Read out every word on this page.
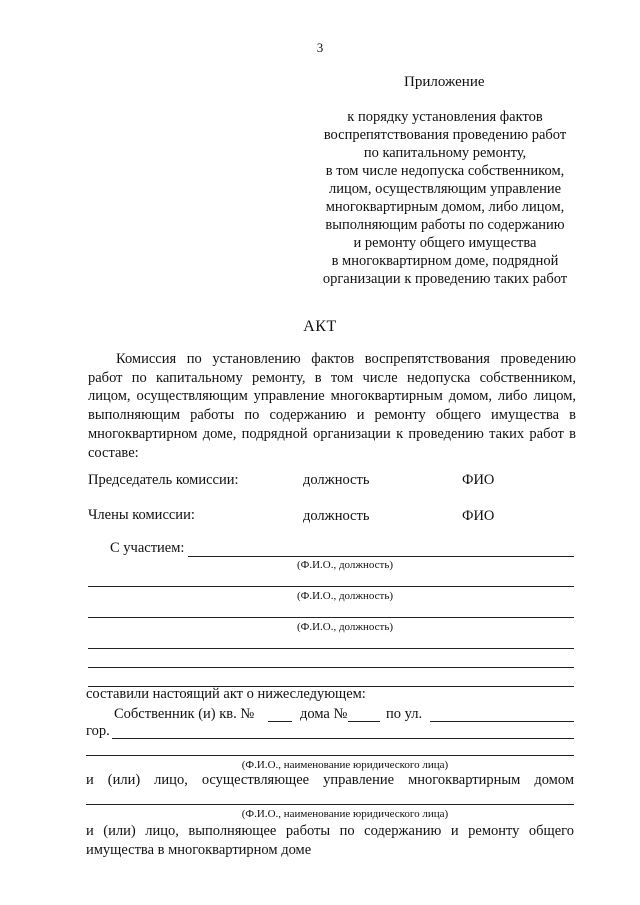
3
Приложение
к порядку установления фактов
воспрепятствования проведению работ
по капитальному ремонту,
в том числе недопуска собственником,
лицом, осуществляющим управление
многоквартирным домом, либо лицом,
выполняющим работы по содержанию
и ремонту общего имущества
в многоквартирном доме, подрядной
организации к проведению таких работ
АКТ
Комиссия по установлению фактов воспрепятствования проведению работ по капитальному ремонту, в том числе недопуска собственником, лицом, осуществляющим управление многоквартирным домом, либо лицом, выполняющим работы по содержанию и ремонту общего имущества в многоквартирном доме, подрядной организации к проведению таких работ в составе:
Председатель комиссии:	должность	ФИО
Члены комиссии:	должность	ФИО
С участием:
(Ф.И.О., должность)
(Ф.И.О., должность)
(Ф.И.О., должность)
составили настоящий акт о нижеследующем:
Собственник (и) кв. №	дома №	по ул.
гор.
(Ф.И.О., наименование юридического лица)
и (или) лицо, осуществляющее управление многоквартирным домом
(Ф.И.О., наименование юридического лица)
и (или) лицо, выполняющее работы по содержанию и ремонту общего
имущества в многоквартирном доме
